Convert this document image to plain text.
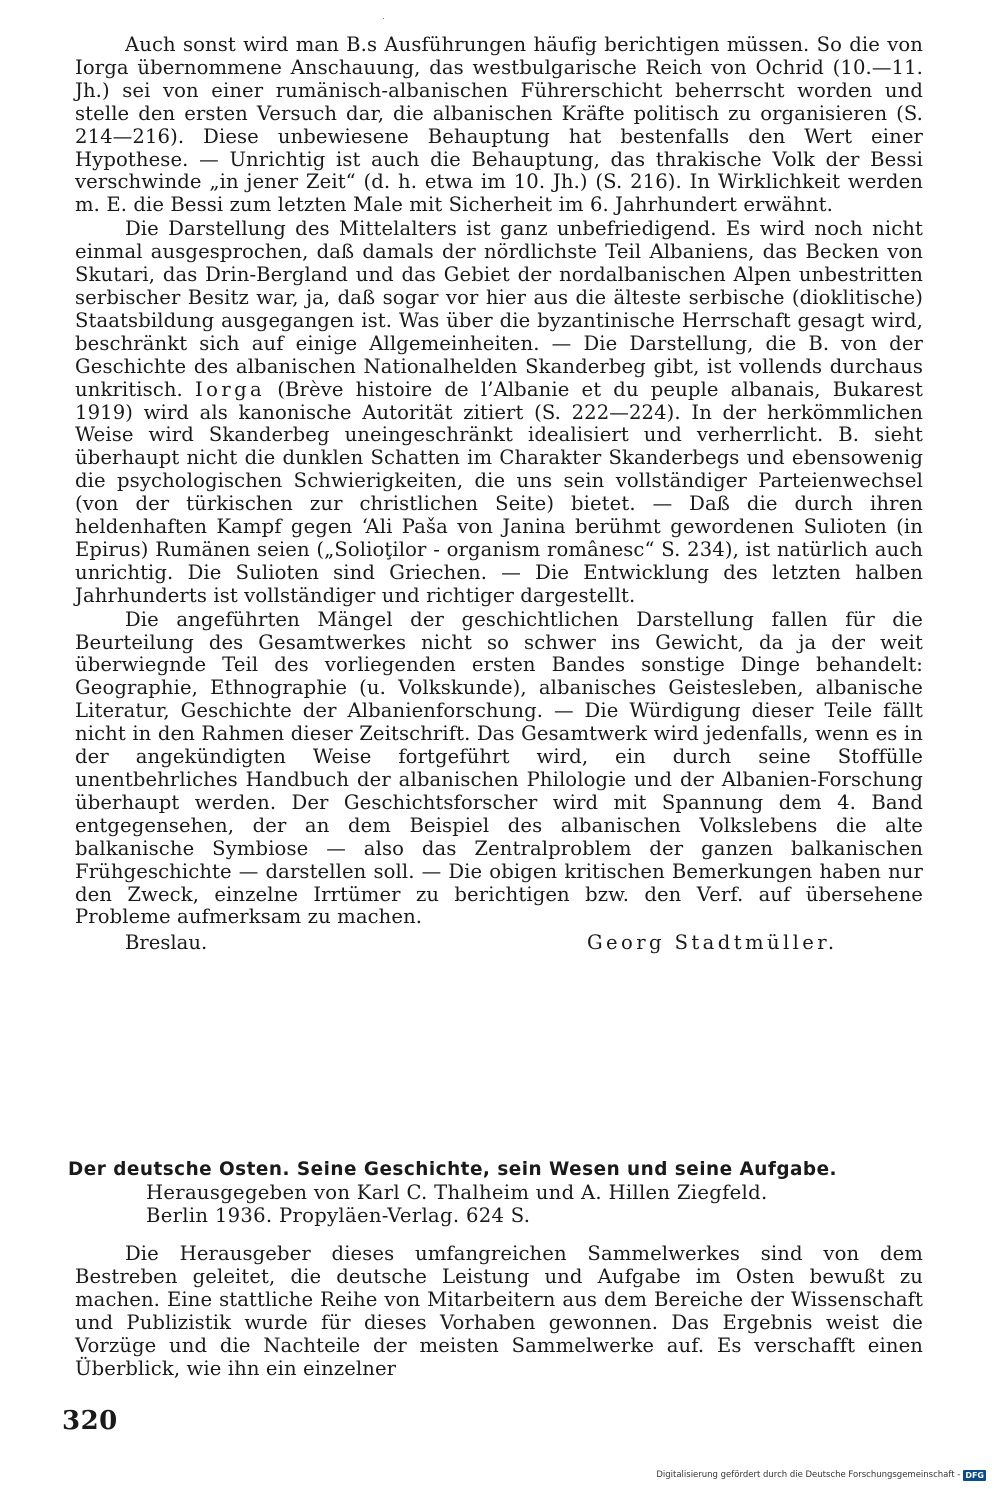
Auch sonst wird man B.s Ausführungen häufig berichtigen müssen. So die von Iorga übernommene Anschauung, das westbulgarische Reich von Ochrid (10.—11. Jh.) sei von einer rumänisch-albanischen Führerschicht beherrscht worden und stelle den ersten Versuch dar, die albanischen Kräfte politisch zu organisieren (S. 214—216). Diese unbewiesene Behauptung hat bestenfalls den Wert einer Hypothese. — Unrichtig ist auch die Behauptung, das thrakische Volk der Bessi verschwinde „in jener Zeit“ (d. h. etwa im 10. Jh.) (S. 216). In Wirklichkeit werden m. E. die Bessi zum letzten Male mit Sicherheit im 6. Jahrhundert erwähnt.

Die Darstellung des Mittelalters ist ganz unbefriedigend. Es wird noch nicht einmal ausgesprochen, daß damals der nördlichste Teil Albaniens, das Becken von Skutari, das Drin-Bergland und das Gebiet der nordalbanischen Alpen unbestritten serbischer Besitz war, ja, daß sogar vor hier aus die älteste serbische (dioklitische) Staatsbildung ausgegangen ist. Was über die byzantinische Herrschaft gesagt wird, beschränkt sich auf einige Allgemeinheiten. — Die Darstellung, die B. von der Geschichte des albanischen Nationalhelden Skanderbeg gibt, ist vollends durchaus unkritisch. Iorga (Brève histoire de l’Albanie et du peuple albanais, Bukarest 1919) wird als kanonische Autorität zitiert (S. 222—224). In der herkömmlichen Weise wird Skanderbeg uneingeschränkt idealisiert und verherrlicht. B. sieht überhaupt nicht die dunklen Schatten im Charakter Skanderbegs und ebensowenig die psychologischen Schwierigkeiten, die uns sein vollständiger Parteienwechsel (von der türkischen zur christlichen Seite) bietet. — Daß die durch ihren heldenhaften Kampf gegen ‘Ali Paša von Janina berühmt gewordenen Sulioten (in Epirus) Rumänen seien („Solioţilor - organism românesc“ S. 234), ist natürlich auch unrichtig. Die Sulioten sind Griechen. — Die Entwicklung des letzten halben Jahrhunderts ist vollständiger und richtiger dargestellt.

Die angeführten Mängel der geschichtlichen Darstellung fallen für die Beurteilung des Gesamtwerkes nicht so schwer ins Gewicht, da ja der weit überwiegnde Teil des vorliegenden ersten Bandes sonstige Dinge behandelt: Geographie, Ethnographie (u. Volkskunde), albanisches Geistesleben, albanische Literatur, Geschichte der Albanienforschung. — Die Würdigung dieser Teile fällt nicht in den Rahmen dieser Zeitschrift. Das Gesamtwerk wird jedenfalls, wenn es in der angekündigten Weise fortgeführt wird, ein durch seine Stoffülle unentbehrliches Handbuch der albanischen Philologie und der Albanien-Forschung überhaupt werden. Der Geschichtsforscher wird mit Spannung dem 4. Band entgegensehen, der an dem Beispiel des albanischen Volkslebens die alte balkanische Symbiose — also das Zentralproblem der ganzen balkanischen Frühgeschichte — darstellen soll. — Die obigen kritischen Bemerkungen haben nur den Zweck, einzelne Irrtümer zu berichtigen bzw. den Verf. auf übersehene Probleme aufmerksam zu machen.

Breslau.	Georg Stadtmüller.

Der deutsche Osten. Seine Geschichte, sein Wesen und seine Aufgabe.

Herausgegeben von Karl C. Thalheim und A. Hillen Ziegfeld.

Berlin 1936. Propyläen-Verlag. 624 S.

Die Herausgeber dieses umfangreichen Sammelwerkes sind von dem Bestreben geleitet, die deutsche Leistung und Aufgabe im Osten bewußt zu machen. Eine stattliche Reihe von Mitarbeitern aus dem Bereiche der Wissenschaft und Publizistik wurde für dieses Vorhaben gewonnen. Das Ergebnis weist die Vorzüge und die Nachteile der meisten Sammelwerke auf. Es verschafft einen Überblick, wie ihn ein einzelner

320
Digitalisierung gefördert durch die Deutsche Forschungsgemeinschaft - DFG
